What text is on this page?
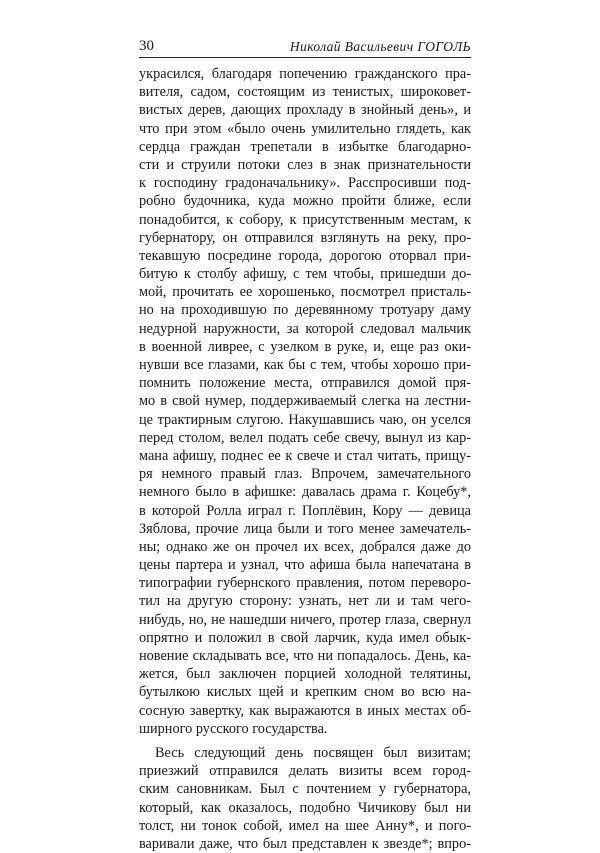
30	Николай Васильевич ГОГОЛЬ
украсился, благодаря попечению гражданского пра-
вителя, садом, состоящим из тенистых, широковет-
вистых дерев, дающих прохладу в знойный день», и
что при этом «было очень умилительно глядеть, как
сердца граждан трепетали в избытке благодарно-
сти и струили потоки слез в знак признательности
к господину градоначальнику». Расспросивши под-
робно будочника, куда можно пройти ближе, если
понадобится, к собору, к присутственным местам, к
губернатору, он отправился взглянуть на реку, про-
текавшую посредине города, дорогою оторвал при-
битую к столбу афишу, с тем чтобы, пришедши до-
мой, прочитать ее хорошенько, посмотрел присталь-
но на проходившую по деревянному тротуару даму
недурной наружности, за которой следовал мальчик
в военной ливрее, с узелком в руке, и, еще раз оки-
нувши все глазами, как бы с тем, чтобы хорошо при-
помнить положение места, отправился домой пря-
мо в свой нумер, поддерживаемый слегка на лестни-
це трактирным слугою. Накушавшись чаю, он уселся
перед столом, велел подать себе свечу, вынул из кар-
мана афишу, поднес ее к свече и стал читать, прищу-
ря немного правый глаз. Впрочем, замечательного
немного было в афишке: давалась драма г. Коцебу*,
в которой Ролла играл г. Поплёвин, Кору — девица
Зяблова, прочие лица были и того менее замечатель-
ны; однако же он прочел их всех, добрался даже до
цены партера и узнал, что афиша была напечатана в
типографии губернского правления, потом переворо-
тил на другую сторону: узнать, нет ли и там чего-
нибудь, но, не нашедши ничего, протер глаза, свернул
опрятно и положил в свой ларчик, куда имел обык-
новение складывать все, что ни попадалось. День, ка-
жется, был заключен порцией холодной телятины,
бутылкою кислых щей и крепким сном во всю на-
сосную завертку, как выражаются в иных местах об-
ширного русского государства.
Весь следующий день посвящен был визитам;
приезжий отправился делать визиты всем город-
ским сановникам. Был с почтением у губернатора,
который, как оказалось, подобно Чичикову был ни
толст, ни тонок собой, имел на шее Анну*, и пого-
варивали даже, что был представлен к звезде*; впро-
